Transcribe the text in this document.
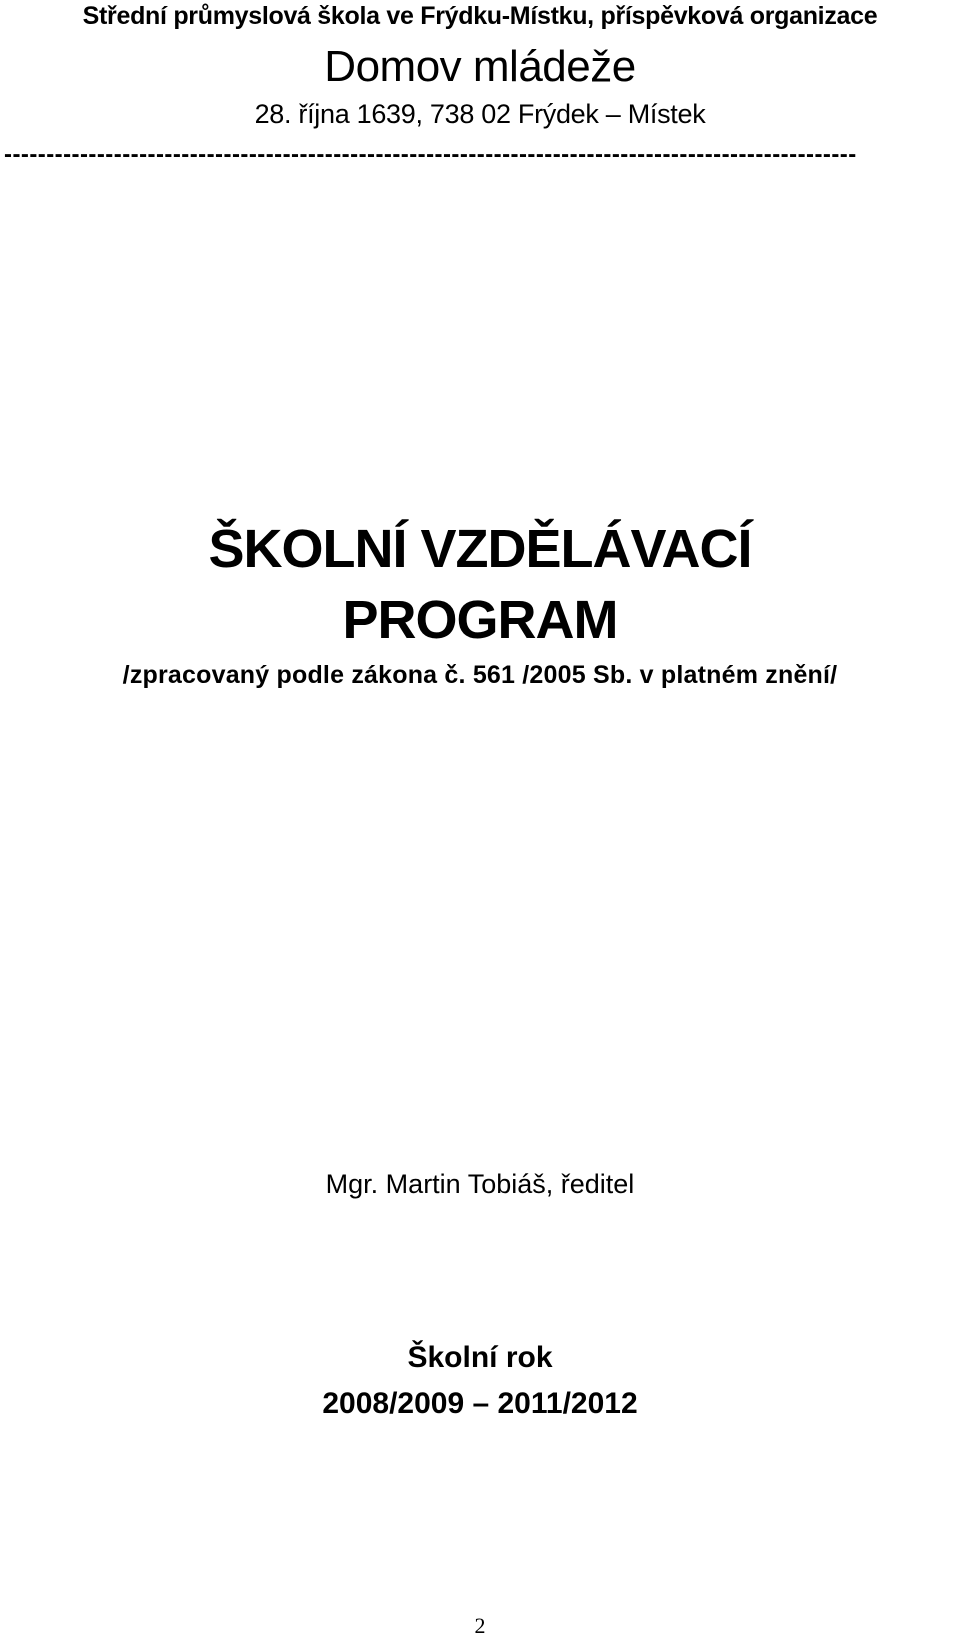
Střední průmyslová škola ve Frýdku-Místku, příspěvková organizace
Domov mládeže
28. října 1639, 738 02 Frýdek – Místek
-----------------------------------------------------------------------------------------------------
ŠKOLNÍ VZDĚLÁVACÍ
PROGRAM
/zpracovaný podle zákona č. 561 /2005 Sb. v platném znění/
Mgr. Martin Tobiáš, ředitel
Školní rok
2008/2009 – 2011/2012
2
